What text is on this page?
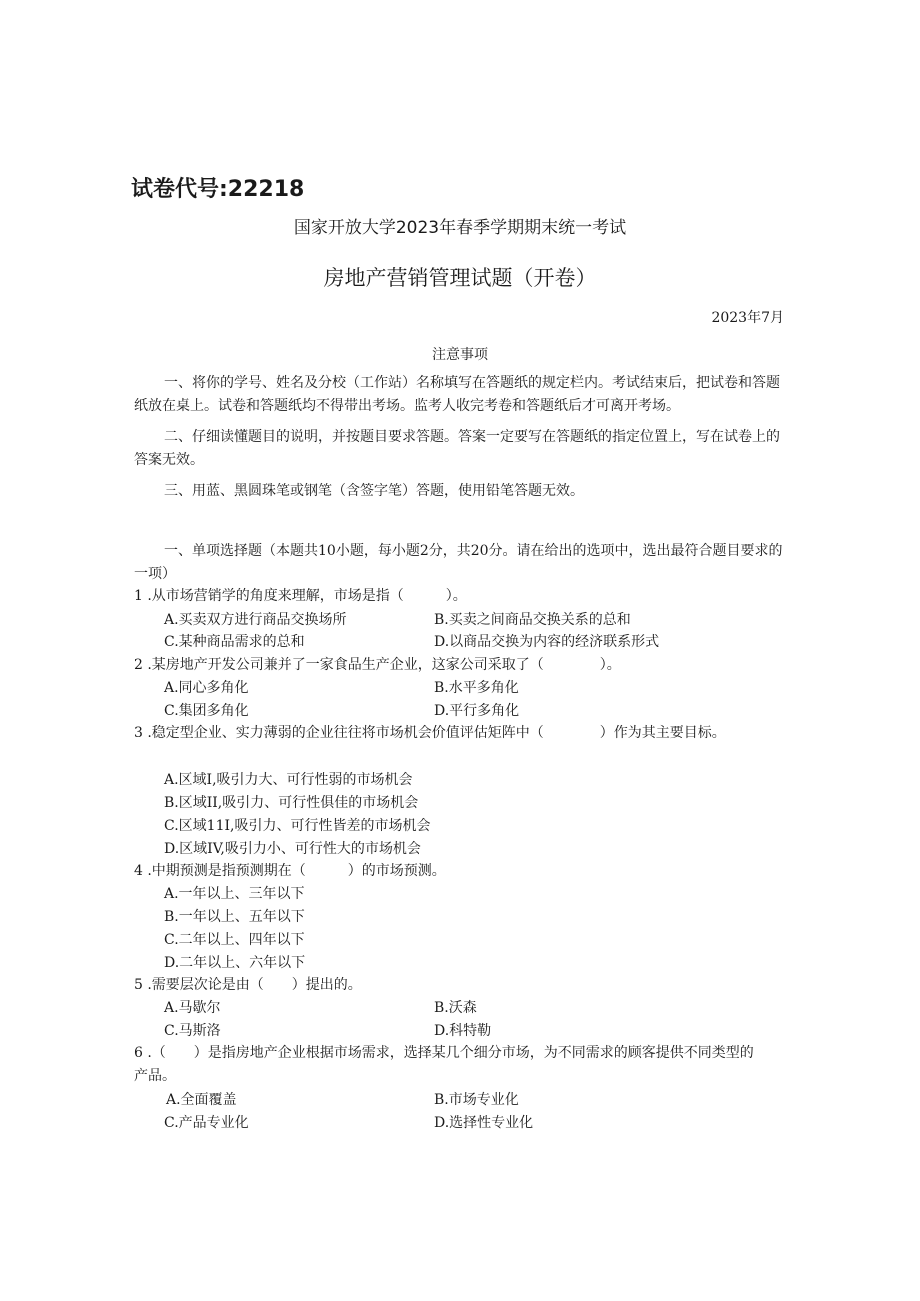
试卷代号:22218
国家开放大学2023年春季学期期末统一考试
房地产营销管理试题（开卷）
2023年7月
注意事项
一、将你的学号、姓名及分校（工作站）名称填写在答题纸的规定栏内。考试结束后，把试卷和答题纸放在桌上。试卷和答题纸均不得带出考场。监考人收完考卷和答题纸后才可离开考场。
二、仔细读懂题目的说明，并按题目要求答题。答案一定要写在答题纸的指定位置上，写在试卷上的答案无效。
三、用蓝、黑圆珠笔或钢笔（含签字笔）答题，使用铅笔答题无效。
一、单项选择题（本题共10小题，每小题2分，共20分。请在给出的选项中，选出最符合题目要求的一项）
1 .从市场营销学的角度来理解，市场是指（　　　）。
A.买卖双方进行商品交换场所	B.买卖之间商品交换关系的总和
C.某种商品需求的总和	D.以商品交换为内容的经济联系形式
2 .某房地产开发公司兼并了一家食品生产企业，这家公司采取了（　　　　）。
A.同心多角化	B.水平多角化
C.集团多角化	D.平行多角化
3 .稳定型企业、实力薄弱的企业往往将市场机会价值评估矩阵中（　　　　）作为其主要目标。
A.区域I,吸引力大、可行性弱的市场机会
B.区域II,吸引力、可行性俱佳的市场机会
C.区域11I,吸引力、可行性皆差的市场机会
D.区域IV,吸引力小、可行性大的市场机会
4 .中期预测是指预测期在（　　　）的市场预测。
A.一年以上、三年以下
B.一年以上、五年以下
C.二年以上、四年以下
D.二年以上、六年以下
5 .需要层次论是由（　　）提出的。
A.马歇尔	B.沃森
C.马斯洛	D.科特勒
6 .（　　）是指房地产企业根据市场需求，选择某几个细分市场，为不同需求的顾客提供不同类型的产品。
Α.全面覆盖	B.市场专业化
C.产品专业化	D.选择性专业化
